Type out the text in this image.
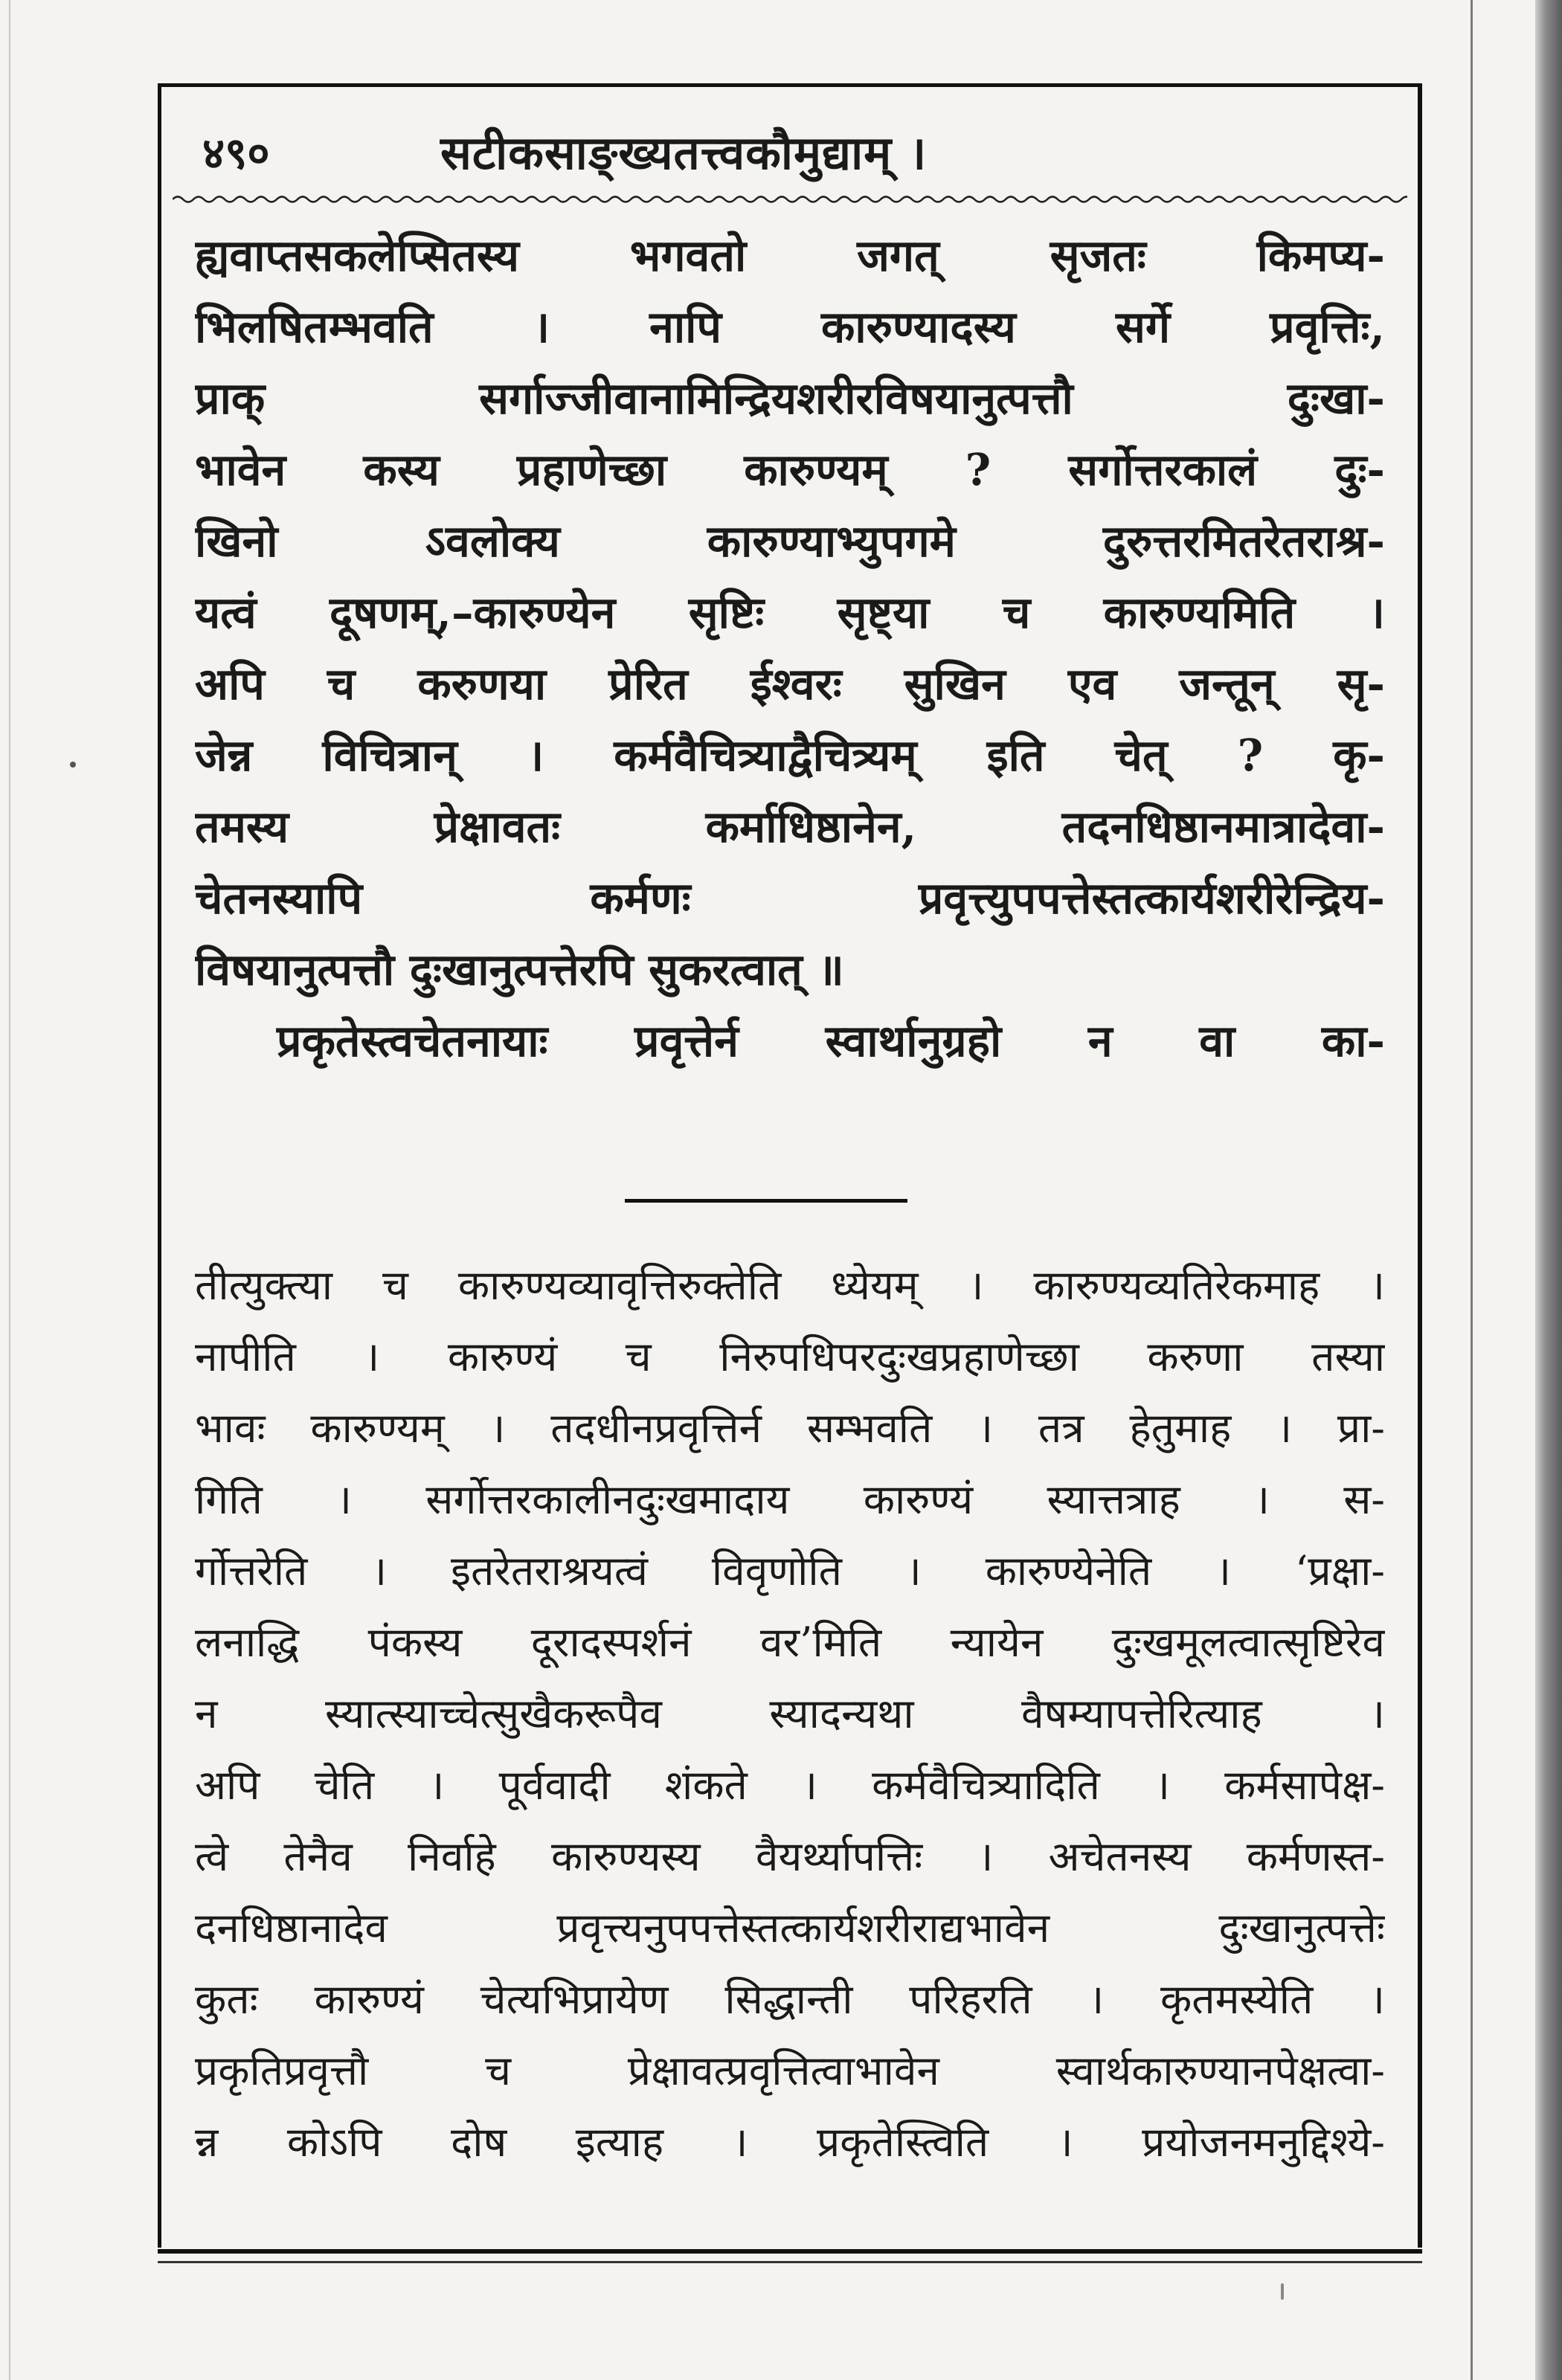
४९०	सटीकसाङ्ख्यतत्त्वकौमुद्याम् ।
ह्यवाप्तसकलेप्सितस्य भगवतो जगत् सृजतः किमप्य-
भिलषितम्भवति । नापि कारुण्यादस्य सर्गे प्रवृत्तिः,
प्राक् सर्गाज्जीवानामिन्द्रियशरीरविषयानुत्पत्तौ दुःखा-
भावेन कस्य प्रहाणेच्छा कारुण्यम् ? सर्गोत्तरकालं दुः-
खिनो ऽवलोक्य कारुण्याभ्युपगमे दुरुत्तरमितरेतराश्र-
यत्वं दूषणम्,–कारुण्येन सृष्टिः सृष्ट्या च कारुण्यमिति ।
अपि च करुणया प्रेरित ईश्वरः सुखिन एव जन्तून् सृ-
जेन्न विचित्रान् । कर्मवैचित्र्याद्वैचित्र्यम् इति चेत् ? कृ-
तमस्य प्रेक्षावतः कर्माधिष्ठानेन, तदनधिष्ठानमात्रादेवा-
चेतनस्यापि कर्मणः प्रवृत्त्युपपत्तेस्तत्कार्यशरीरेन्द्रिय-
विषयानुत्पत्तौ दुःखानुत्पत्तेरपि सुकरत्वात् ॥
प्रकृतेस्त्वचेतनायाः प्रवृत्तेर्न स्वार्थानुग्रहो न वा का-
तीत्युक्त्या च कारुण्यव्यावृत्तिरुक्तेति ध्येयम् । कारुण्यव्यतिरेकमाह ।
नापीति । कारुण्यं च निरुपधिपरदुःखप्रहाणेच्छा करुणा तस्या
भावः कारुण्यम् । तदधीनप्रवृत्तिर्न सम्भवति । तत्र हेतुमाह । प्रा-
गिति । सर्गोत्तरकालीनदुःखमादाय कारुण्यं स्यात्तत्राह । स-
र्गोत्तरेति । इतरेतराश्रयत्वं विवृणोति । कारुण्येनेति । ‘प्रक्षा-
लनाद्धि पंकस्य दूरादस्पर्शनं वर’मिति न्यायेन दुःखमूलत्वात्सृष्टिरेव
न स्यात्स्याच्चेत्सुखैकरूपैव स्यादन्यथा वैषम्यापत्तेरित्याह ।
अपि चेति । पूर्ववादी शंकते । कर्मवैचित्र्यादिति । कर्मसापेक्ष-
त्वे तेनैव निर्वाहे कारुण्यस्य वैयर्थ्यापत्तिः । अचेतनस्य कर्मणस्त-
दनधिष्ठानादेव प्रवृत्त्यनुपपत्तेस्तत्कार्यशरीराद्यभावेन दुःखानुत्पत्तेः
कुतः कारुण्यं चेत्यभिप्रायेण सिद्धान्ती परिहरति । कृतमस्येति ।
प्रकृतिप्रवृत्तौ च प्रेक्षावत्प्रवृत्तित्वाभावेन स्वार्थकारुण्यानपेक्षत्वा-
न्न कोऽपि दोष इत्याह । प्रकृतेस्त्विति । प्रयोजनमनुद्दिश्ये-
